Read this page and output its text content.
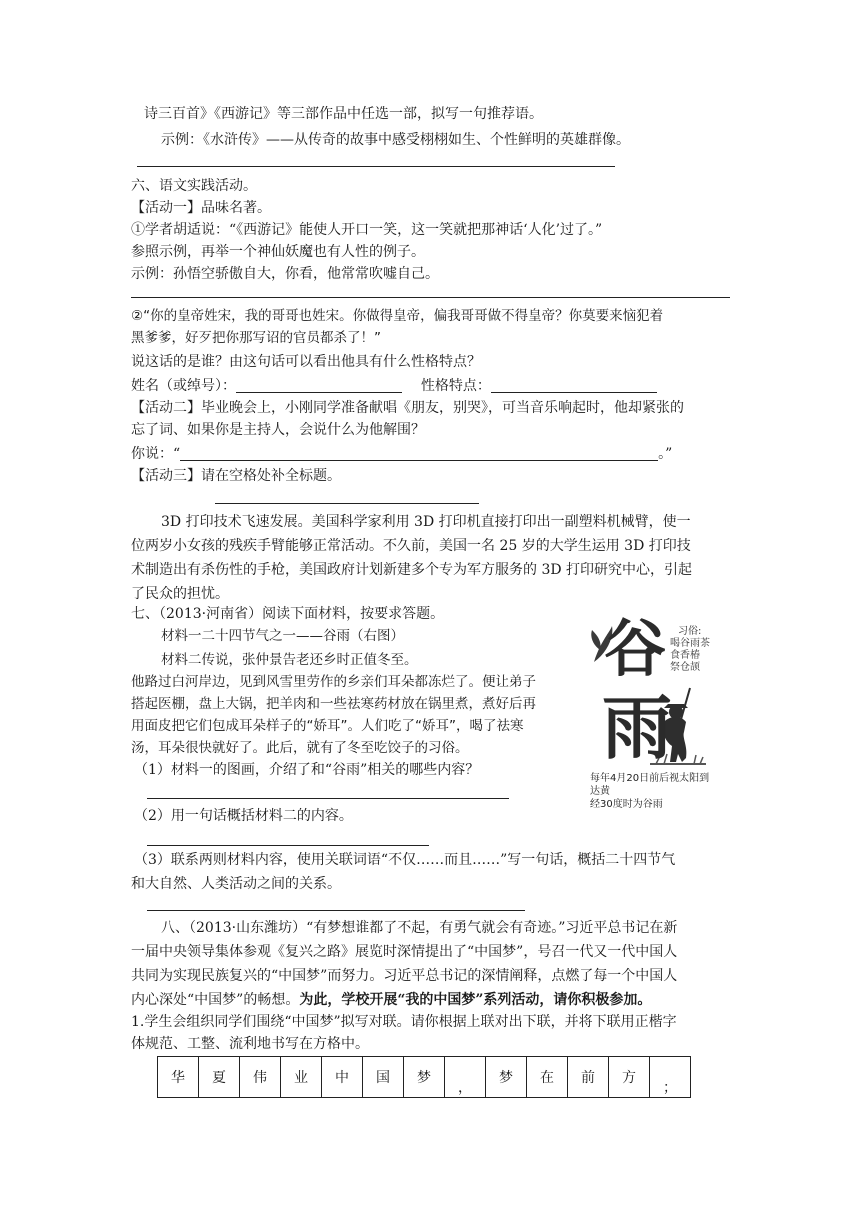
诗三百首》《西游记》等三部作品中任选一部，拟写一句推荐语。
示例：《水浒传》——从传奇的故事中感受栩栩如生、个性鲜明的英雄群像。
六、语文实践活动。
【活动一】品味名著。
①学者胡适说：“《西游记》能使人开口一笑，这一笑就把那神话‘人化’过了。”
参照示例，再举一个神仙妖魔也有人性的例子。
示例：孙悟空骄傲自大，你看，他常常吹嘘自己。
②“你的皇帝姓宋，我的哥哥也姓宋。你做得皇帝，偏我哥哥做不得皇帝？你莫要来恼犯着
黑爹爹，好歹把你那写诏的官员都杀了！”
说这话的是谁？由这句话可以看出他具有什么性格特点？
姓名（或绰号）：	性格特点：
【活动二】毕业晚会上，小刚同学准备献唱《朋友，别哭》，可当音乐响起时，他却紧张的
忘了词、如果你是主持人，会说什么为他解围？
你说：“	。”
【活动三】请在空格处补全标题。
3D 打印技术飞速发展。美国科学家利用 3D 打印机直接打印出一副塑料机械臂，使一
位两岁小女孩的残疾手臂能够正常活动。不久前，美国一名 25 岁的大学生运用 3D 打印技
术制造出有杀伤性的手枪，美国政府计划新建多个专为军方服务的 3D 打印研究中心，引起
了民众的担忧。
七、（2013·河南省）阅读下面材料，按要求答题。
材料一二十四节气之一——谷雨（右图）
材料二传说，张仲景告老还乡时正值冬至。
他路过白河岸边，见到风雪里劳作的乡亲们耳朵都冻烂了。便让弟子
搭起医棚，盘上大锅，把羊肉和一些祛寒药材放在锅里煮，煮好后再
用面皮把它们包成耳朵样子的“娇耳”。人们吃了“娇耳”，喝了祛寒
汤，耳朵很快就好了。此后，就有了冬至吃饺子的习俗。
谷
雨
习俗:
喝谷雨茶
食香椿
祭仓颉
每年4月20日前后视太阳到达黄
经30度时为谷雨
（1）材料一的图画，介绍了和“谷雨”相关的哪些内容？
（2）用一句话概括材料二的内容。
（3）联系两则材料内容，使用关联词语“不仅……而且……”写一句话，概括二十四节气
和大自然、人类活动之间的关系。
八、（2013·山东潍坊）“有梦想谁都了不起，有勇气就会有奇迹。”习近平总书记在新
一届中央领导集体参观《复兴之路》展览时深情提出了“中国梦”，号召一代又一代中国人
共同为实现民族复兴的“中国梦”而努力。习近平总书记的深情阐释，点燃了每一个中国人
内心深处“中国梦”的畅想。为此，学校开展“我的中国梦”系列活动，请你积极参加。
1.学生会组织同学们围绕“中国梦”拟写对联。请你根据上联对出下联，并将下联用正楷字
体规范、工整、流利地书写在方格中。
华	夏	伟	业	中	国	梦	，	梦	在	前	方	；
